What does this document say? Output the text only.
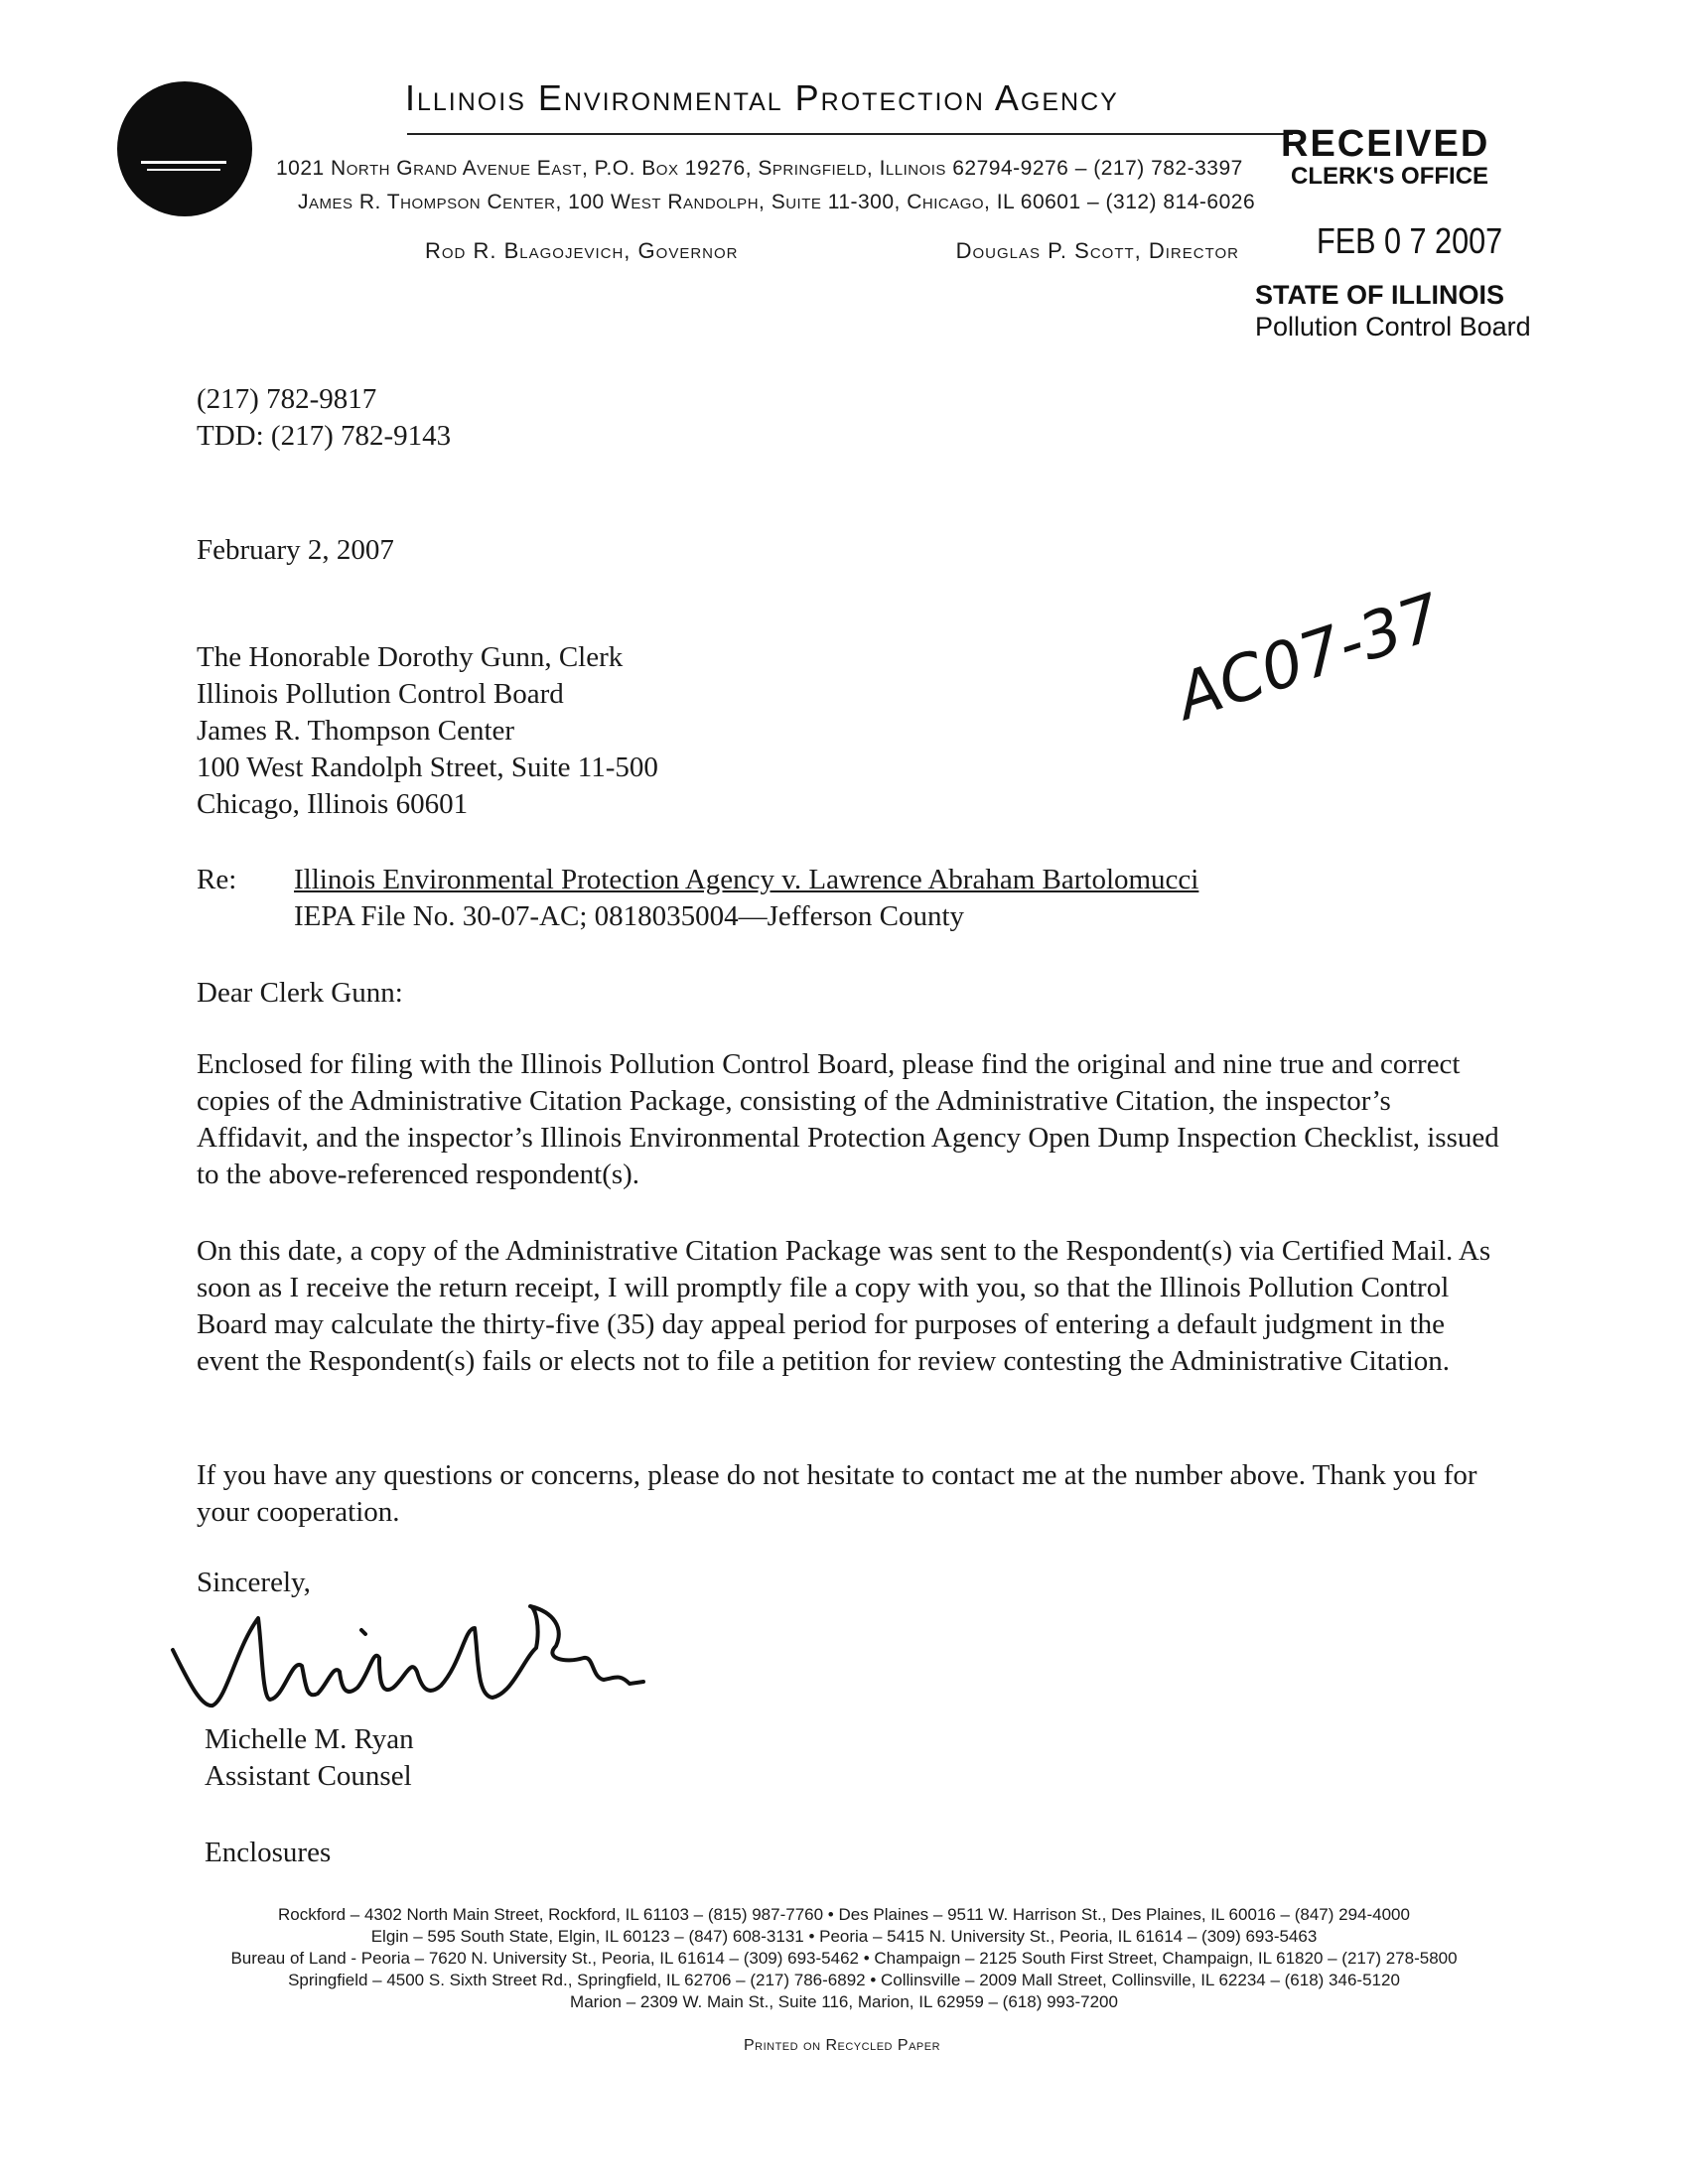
Illinois Environmental Protection Agency
1021 North Grand Avenue East, P.O. Box 19276, Springfield, Illinois 62794-9276 – (217) 782-3397
James R. Thompson Center, 100 West Randolph, Suite 11-300, Chicago, IL 60601 – (312) 814-6026
Rod R. Blagojevich, Governor	Douglas P. Scott, Director
RECEIVED
CLERK'S OFFICE
FEB 0 7 2007
STATE OF ILLINOIS
Pollution Control Board
(217) 782-9817
TDD: (217) 782-9143
February 2, 2007
The Honorable Dorothy Gunn, Clerk
Illinois Pollution Control Board
James R. Thompson Center
100 West Randolph Street, Suite 11-500
Chicago, Illinois 60601
AC07-37
Re: Illinois Environmental Protection Agency v. Lawrence Abraham Bartolomucci
IEPA File No. 30-07-AC; 0818035004—Jefferson County
Dear Clerk Gunn:
Enclosed for filing with the Illinois Pollution Control Board, please find the original and nine true and correct copies of the Administrative Citation Package, consisting of the Administrative Citation, the inspector’s Affidavit, and the inspector’s Illinois Environmental Protection Agency Open Dump Inspection Checklist, issued to the above-referenced respondent(s).
On this date, a copy of the Administrative Citation Package was sent to the Respondent(s) via Certified Mail. As soon as I receive the return receipt, I will promptly file a copy with you, so that the Illinois Pollution Control Board may calculate the thirty-five (35) day appeal period for purposes of entering a default judgment in the event the Respondent(s) fails or elects not to file a petition for review contesting the Administrative Citation.
If you have any questions or concerns, please do not hesitate to contact me at the number above. Thank you for your cooperation.
Sincerely,
Michelle M. Ryan
Assistant Counsel
Enclosures
Rockford – 4302 North Main Street, Rockford, IL 61103 – (815) 987-7760 • Des Plaines – 9511 W. Harrison St., Des Plaines, IL 60016 – (847) 294-4000
Elgin – 595 South State, Elgin, IL 60123 – (847) 608-3131 • Peoria – 5415 N. University St., Peoria, IL 61614 – (309) 693-5463
Bureau of Land - Peoria – 7620 N. University St., Peoria, IL 61614 – (309) 693-5462 • Champaign – 2125 South First Street, Champaign, IL 61820 – (217) 278-5800
Springfield – 4500 S. Sixth Street Rd., Springfield, IL 62706 – (217) 786-6892 • Collinsville – 2009 Mall Street, Collinsville, IL 62234 – (618) 346-5120
Marion – 2309 W. Main St., Suite 116, Marion, IL 62959 – (618) 993-7200
Printed on Recycled Paper
